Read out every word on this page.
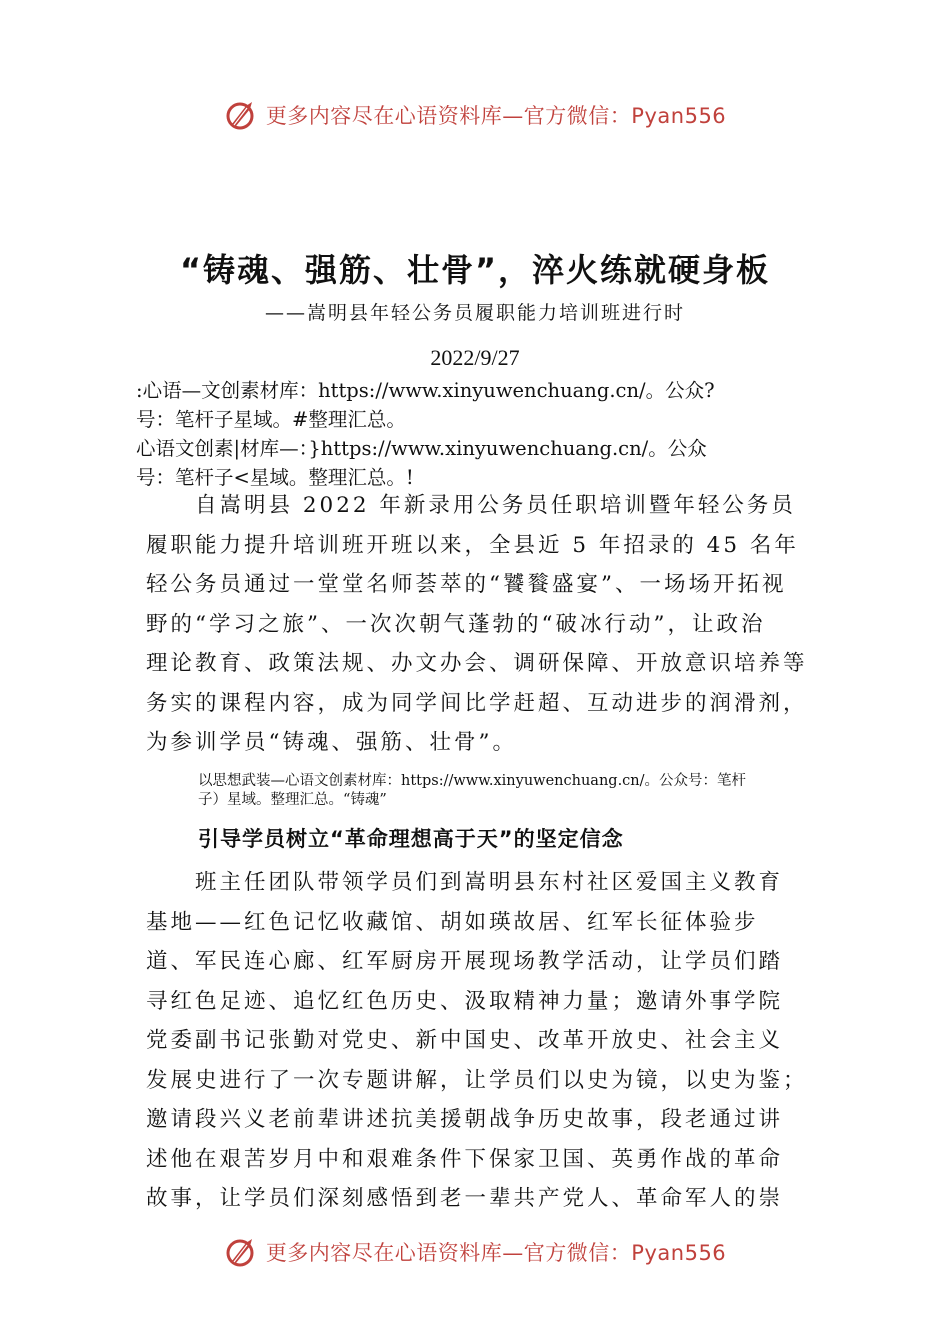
更多内容尽在心语资料库—官方微信：Pyan556
“铸魂、强筋、壮骨”，淬火练就硬身板
——嵩明县年轻公务员履职能力培训班进行时
2022/9/27
:心语—文创素材库：https://www.xinyuwenchuang.cn/。公众?
号：笔杆子星域。#整理汇总。
心语文创素|材库—：}https://www.xinyuwenchuang.cn/。公众
号：笔杆子<星域。整理汇总。!
　　自嵩明县 2022 年新录用公务员任职培训暨年轻公务员
履职能力提升培训班开班以来，全县近 5 年招录的 45 名年
轻公务员通过一堂堂名师荟萃的“饕餮盛宴”、一场场开拓视
野的“学习之旅”、一次次朝气蓬勃的“破冰行动”，让政治
理论教育、政策法规、办文办会、调研保障、开放意识培养等
务实的课程内容，成为同学间比学赶超、互动进步的润滑剂，
为参训学员“铸魂、强筋、壮骨”。
以思想武装—心语文创素材库：https://www.xinyuwenchuang.cn/。公众号：笔杆
子）星域。整理汇总。“铸魂”
引导学员树立“革命理想高于天”的坚定信念
　　班主任团队带领学员们到嵩明县东村社区爱国主义教育
基地——红色记忆收藏馆、胡如瑛故居、红军长征体验步
道、军民连心廊、红军厨房开展现场教学活动，让学员们踏
寻红色足迹、追忆红色历史、汲取精神力量；邀请外事学院
党委副书记张勤对党史、新中国史、改革开放史、社会主义
发展史进行了一次专题讲解，让学员们以史为镜，以史为鉴；
邀请段兴义老前辈讲述抗美援朝战争历史故事，段老通过讲
述他在艰苦岁月中和艰难条件下保家卫国、英勇作战的革命
故事，让学员们深刻感悟到老一辈共产党人、革命军人的崇
更多内容尽在心语资料库—官方微信：Pyan556
